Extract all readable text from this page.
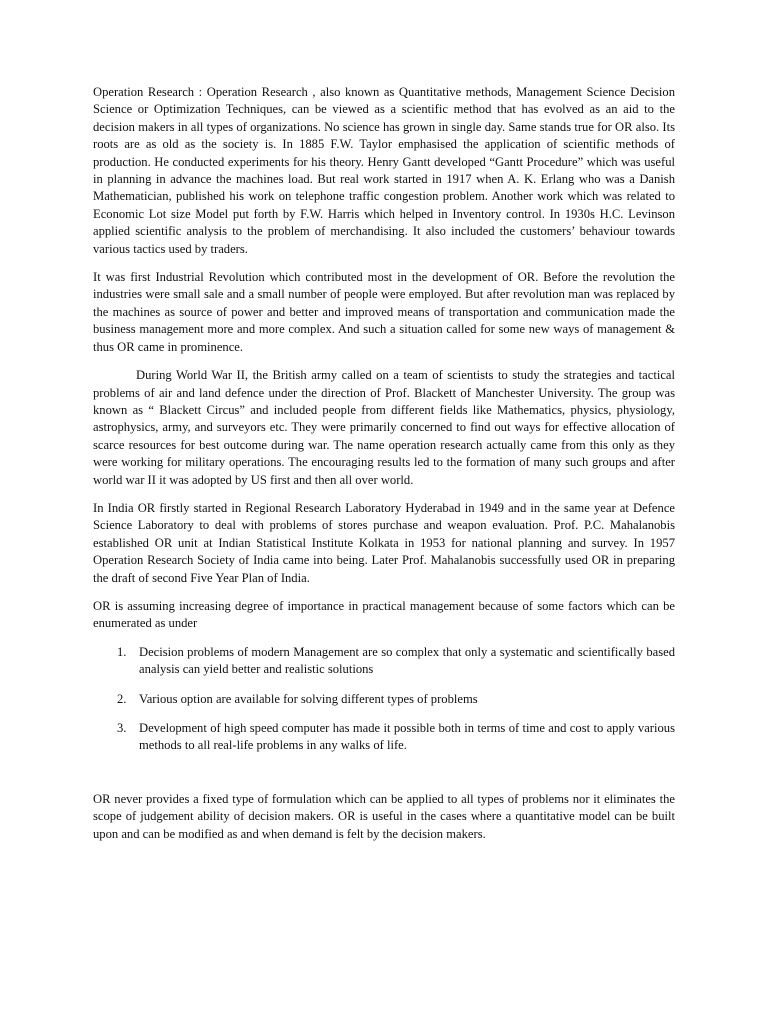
Operation Research : Operation Research , also known as Quantitative methods, Management Science Decision Science or Optimization Techniques, can be viewed as a scientific method that has evolved as an aid to the decision makers in all types of organizations. No science has grown in single day. Same stands true for OR also. Its roots are as old as the society is. In 1885 F.W. Taylor emphasised the application of scientific methods of production. He conducted experiments for his theory. Henry Gantt developed “Gantt Procedure” which was useful in planning in advance the machines load. But real work started in 1917 when A. K. Erlang who was a Danish Mathematician, published his work on telephone traffic congestion problem. Another work which was related to Economic Lot size Model put forth by F.W. Harris which helped in Inventory control. In 1930s H.C. Levinson applied scientific analysis to the problem of merchandising. It also included the customers’ behaviour towards various tactics used by traders.

It was first Industrial Revolution which contributed most in the development of OR. Before the revolution the industries were small sale and a small number of people were employed. But after revolution man was replaced by the machines as source of power and better and improved means of transportation and communication made the business management more and more complex. And such a situation called for some new ways of management & thus OR came in prominence.

During World War II, the British army called on a team of scientists to study the strategies and tactical problems of air and land defence under the direction of Prof. Blackett of Manchester University. The group was known as “ Blackett Circus” and included people from different fields like Mathematics, physics, physiology, astrophysics, army, and surveyors etc. They were primarily concerned to find out ways for effective allocation of scarce resources for best outcome during war. The name operation research actually came from this only as they were working for military operations. The encouraging results led to the formation of many such groups and after world war II it was adopted by US first and then all over world.

In India OR firstly started in Regional Research Laboratory Hyderabad in 1949 and in the same year at Defence Science Laboratory to deal with problems of stores purchase and weapon evaluation. Prof. P.C. Mahalanobis established OR unit at Indian Statistical Institute Kolkata in 1953 for national planning and survey. In 1957 Operation Research Society of India came into being. Later Prof. Mahalanobis successfully used OR in preparing the draft of second Five Year Plan of India.

OR is assuming increasing degree of importance in practical management because of some factors which can be enumerated as under

1. Decision problems of modern Management are so complex that only a systematic and scientifically based analysis can yield better and realistic solutions
2. Various option are available for solving different types of problems
3. Development of high speed computer has made it possible both in terms of time and cost to apply various methods to all real-life problems in any walks of life.

OR never provides a fixed type of formulation which can be applied to all types of problems nor it eliminates the scope of judgement ability of decision makers. OR is useful in the cases where a quantitative model can be built upon and can be modified as and when demand is felt by the decision makers.
